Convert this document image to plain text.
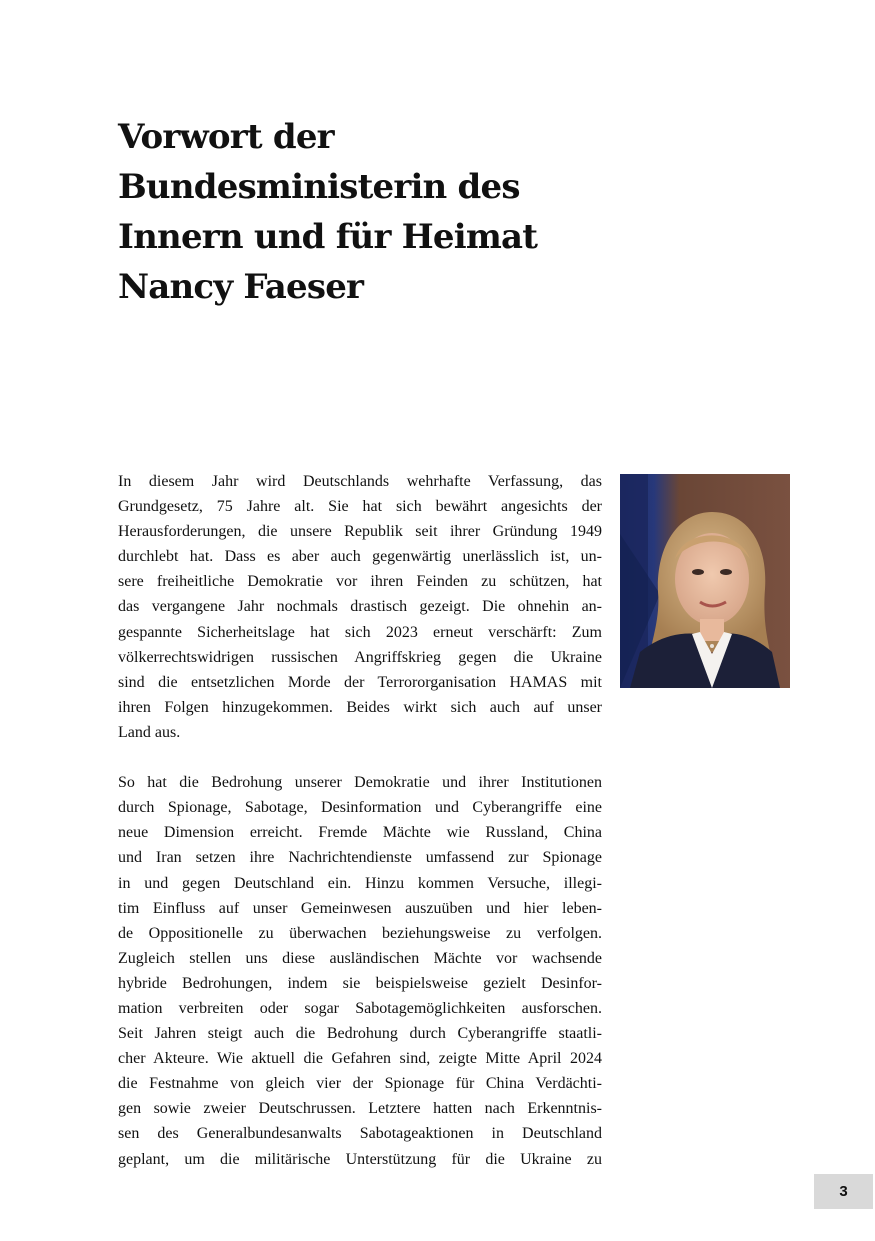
Vorwort der
Bundesministerin des
Innern und für Heimat
Nancy Faeser
In diesem Jahr wird Deutschlands wehrhafte Verfassung, das
Grundgesetz, 75 Jahre alt. Sie hat sich bewährt angesichts der
Herausforderungen, die unsere Republik seit ihrer Gründung 1949
durchlebt hat. Dass es aber auch gegenwärtig unerlässlich ist, un-
sere freiheitliche Demokratie vor ihren Feinden zu schützen, hat
das vergangene Jahr nochmals drastisch gezeigt. Die ohnehin an-
gespannte Sicherheitslage hat sich 2023 erneut verschärft: Zum
völkerrechtswidrigen russischen Angriffskrieg gegen die Ukraine
sind die entsetzlichen Morde der Terrororganisation HAMAS mit
ihren Folgen hinzugekommen. Beides wirkt sich auch auf unser
Land aus.
So hat die Bedrohung unserer Demokratie und ihrer Institutionen
durch Spionage, Sabotage, Desinformation und Cyberangriffe eine
neue Dimension erreicht. Fremde Mächte wie Russland, China
und Iran setzen ihre Nachrichtendienste umfassend zur Spionage
in und gegen Deutschland ein. Hinzu kommen Versuche, illegi-
tim Einfluss auf unser Gemeinwesen auszuüben und hier leben-
de Oppositionelle zu überwachen beziehungsweise zu verfolgen.
Zugleich stellen uns diese ausländischen Mächte vor wachsende
hybride Bedrohungen, indem sie beispielsweise gezielt Desinfor-
mation verbreiten oder sogar Sabotagemöglichkeiten ausforschen.
Seit Jahren steigt auch die Bedrohung durch Cyberangriffe staatli-
cher Akteure. Wie aktuell die Gefahren sind, zeigte Mitte April 2024
die Festnahme von gleich vier der Spionage für China Verdächti-
gen sowie zweier Deutschrussen. Letztere hatten nach Erkenntnis-
sen des Generalbundesanwalts Sabotageaktionen in Deutschland
geplant, um die militärische Unterstützung für die Ukraine zu
3
